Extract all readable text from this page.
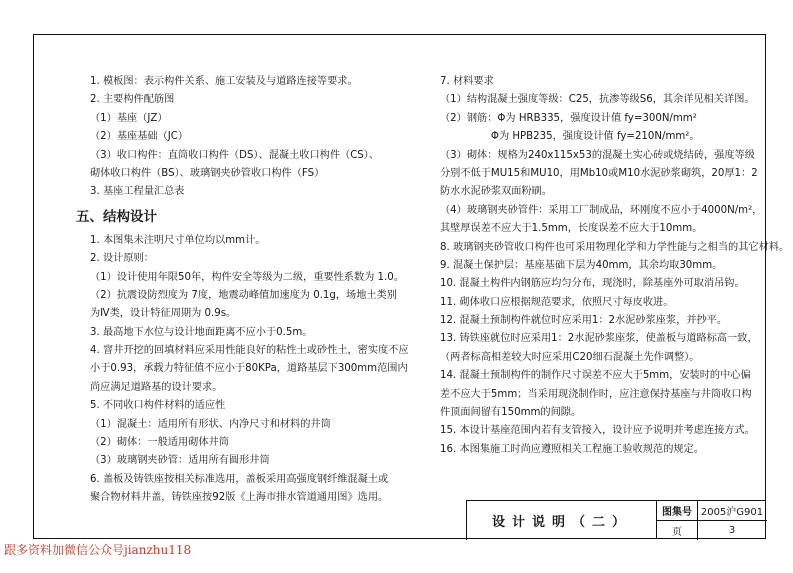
1. 模板图：表示构件关系、施工安装及与道路连接等要求。
2. 主要构件配筋图
（1）基座（JZ）
（2）基座基础（JC）
（3）收口构件：直筒收口构件（DS）、混凝土收口构件（CS）、
砌体收口构件（BS）、玻璃钢夹砂管收口构件（FS）
3. 基座工程量汇总表
五、结构设计
1. 本图集未注明尺寸单位均以mm计。
2. 设计原则：
（1）设计使用年限50年，构件安全等级为二级，重要性系数为 1.0。
（2）抗震设防烈度为 7度，地震动峰值加速度为 0.1g，场地土类别
为Ⅳ类，设计特征周期为 0.9s。
3. 最高地下水位与设计地面距离不应小于0.5m。
4. 窨井开挖的回填材料应采用性能良好的粘性土或砂性土，密实度不应
小于0.93，承载力特征值不应小于80KPa，道路基层下300mm范围内
尚应满足道路基的设计要求。
5. 不同收口构件材料的适应性
（1）混凝土：适用所有形状、内净尺寸和材料的井筒
（2）砌体：一般适用砌体井筒
（3）玻璃钢夹砂管：适用所有圆形井筒
6. 盖板及铸铁座按相关标准选用，盖板采用高强度钢纤维混凝土或
聚合物材料井盖，铸铁座按92版《上海市排水管道通用图》选用。
7. 材料要求
（1）结构混凝土强度等级：C25，抗渗等级S6，其余详见相关详图。
（2）钢筋：Φ为 HRB335，强度设计值 fy=300N/mm²
　　　　　Φ为 HPB235，强度设计值 fy=210N/mm²。
（3）砌体：规格为240x115x53的混凝土实心砖或烧结砖，强度等级
分别不低于MU15和MU10，用Mb10或M10水泥砂浆砌筑，20厚1：2
防水水泥砂浆双面粉刷。
（4）玻璃钢夹砂管件：采用工厂制成品，环刚度不应小于4000N/m²，
其壁厚误差不应大于1.5mm，长度误差不应大于10mm。
8. 玻璃钢夹砂管收口构件也可采用物理化学和力学性能与之相当的其它材料。
9. 混凝土保护层：基座基础下层为40mm，其余均取30mm。
10. 混凝土构件内钢筋应均匀分布，现浇时，除基座外可取消吊钩。
11. 砌体收口应根据规范要求，依照尺寸每皮收进。
12. 混凝土预制构件就位时应采用1：2水泥砂浆座浆，并抄平。
13. 铸铁座就位时应采用1：2水泥砂浆座浆，使盖板与道路标高一致，
（两者标高相差较大时应采用C20细石混凝土先作调整）。
14. 混凝土预制构件的制作尺寸误差不应大于5mm，安装时的中心偏
差不应大于5mm；当采用现浇制作时，应注意保持基座与井筒收口构
件顶面间留有150mm的间隙。
15. 本设计基座范围内若有支管接入，设计应予说明并考虑连接方式。
16. 本图集施工时尚应遵照相关工程施工验收规范的规定。
设计说明（二）
图集号 2005沪G901
页	3
跟多资料加微信公众号jianzhu118
